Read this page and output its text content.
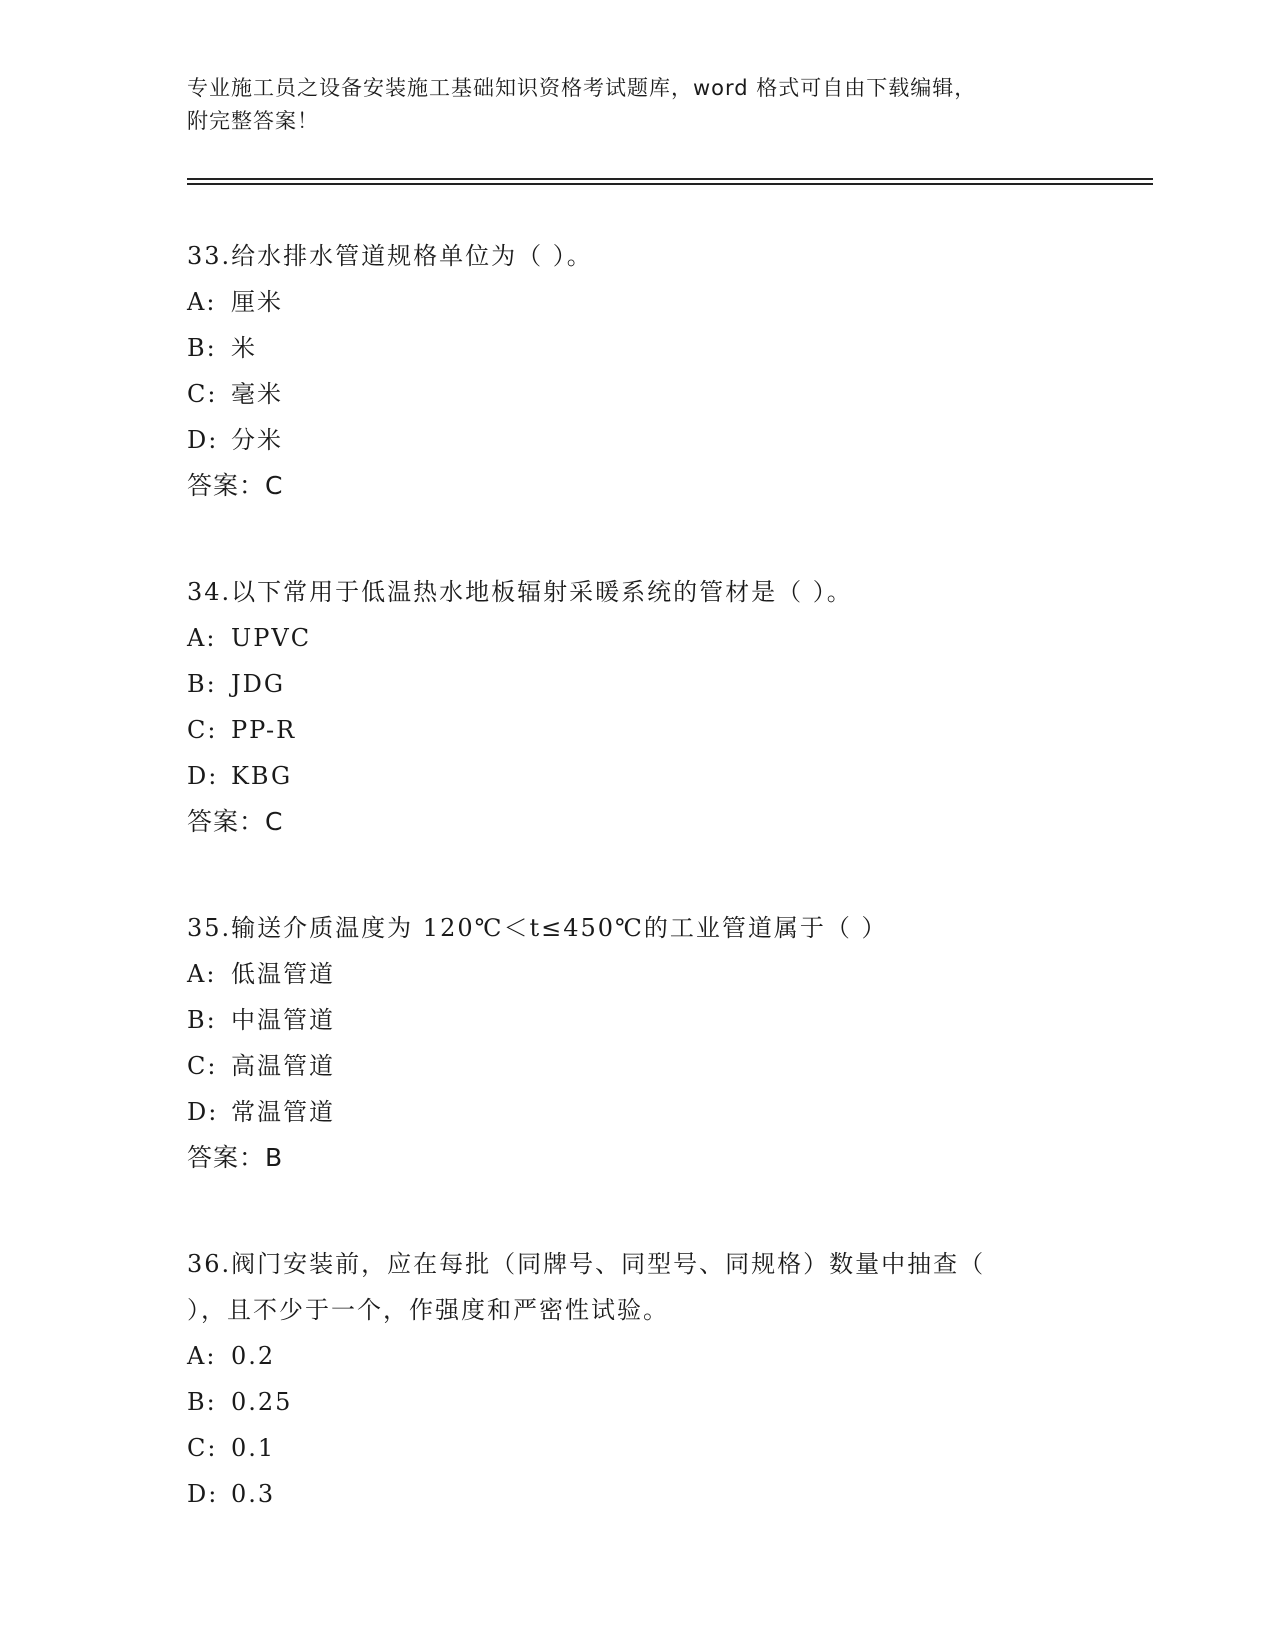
专业施工员之设备安装施工基础知识资格考试题库，word 格式可自由下载编辑，
附完整答案！
33.给水排水管道规格单位为（ ）。
A: 厘米
B: 米
C: 毫米
D: 分米
答案：C
34.以下常用于低温热水地板辐射采暖系统的管材是（ ）。
A: UPVC
B: JDG
C: PP-R
D: KBG
答案：C
35.输送介质温度为 120℃＜t≤450℃的工业管道属于（ ）
A: 低温管道
B: 中温管道
C: 高温管道
D: 常温管道
答案：B
36.阀门安装前，应在每批（同牌号、同型号、同规格）数量中抽查（
），且不少于一个，作强度和严密性试验。
A: 0.2
B: 0.25
C: 0.1
D: 0.3
